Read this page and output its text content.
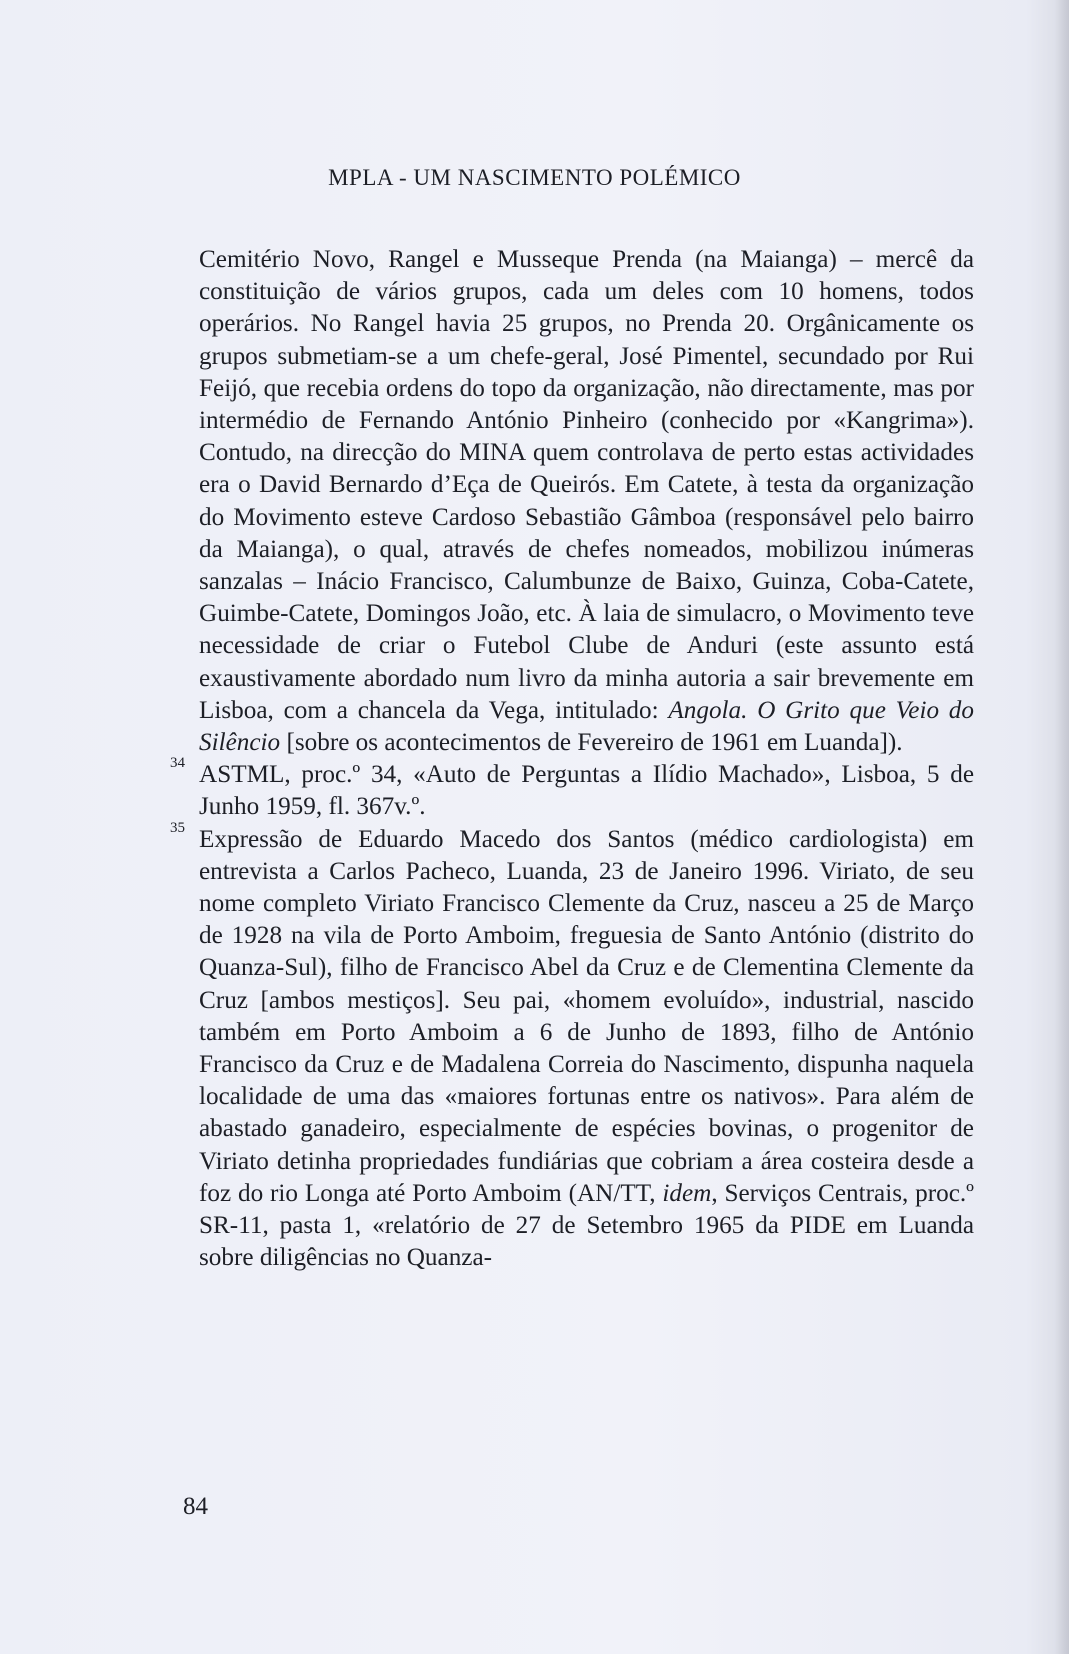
MPLA - UM NASCIMENTO POLÉMICO

Cemitério Novo, Rangel e Musseque Prenda (na Maianga) – mercê da constituição de vários grupos, cada um deles com 10 homens, todos operários. No Rangel havia 25 grupos, no Prenda 20. Orgânicamente os grupos submetiam-se a um chefe-geral, José Pimentel, secundado por Rui Feijó, que recebia ordens do topo da organização, não directamente, mas por intermédio de Fernando António Pinheiro (conhecido por «Kangrima»). Contudo, na direcção do MINA quem controlava de perto estas actividades era o David Bernardo d’Eça de Queirós. Em Catete, à testa da organização do Movimento esteve Cardoso Sebastião Gâmboa (responsável pelo bairro da Maianga), o qual, através de chefes nomeados, mobilizou inúmeras sanzalas – Inácio Francisco, Calumbunze de Baixo, Guinza, Coba-Catete, Guimbe-Catete, Domingos João, etc. À laia de simulacro, o Movimento teve necessidade de criar o Futebol Clube de Anduri (este assunto está exaustivamente abordado num livro da minha autoria a sair brevemente em Lisboa, com a chancela da Vega, intitulado: Angola. O Grito que Veio do Silêncio [sobre os acontecimentos de Fevereiro de 1961 em Luanda]).

34 ASTML, proc.º 34, «Auto de Perguntas a Ilídio Machado», Lisboa, 5 de Junho 1959, fl. 367v.º.

35 Expressão de Eduardo Macedo dos Santos (médico cardiologista) em entrevista a Carlos Pacheco, Luanda, 23 de Janeiro 1996. Viriato, de seu nome completo Viriato Francisco Clemente da Cruz, nasceu a 25 de Março de 1928 na vila de Porto Amboim, freguesia de Santo António (distrito do Quanza-Sul), filho de Francisco Abel da Cruz e de Clementina Clemente da Cruz [ambos mestiços]. Seu pai, «homem evoluído», industrial, nascido também em Porto Amboim a 6 de Junho de 1893, filho de António Francisco da Cruz e de Madalena Correia do Nascimento, dispunha naquela localidade de uma das «maiores fortunas entre os nativos». Para além de abastado ganadeiro, especialmente de espécies bovinas, o progenitor de Viriato detinha propriedades fundiárias que cobriam a área costeira desde a foz do rio Longa até Porto Amboim (AN/TT, idem, Serviços Centrais, proc.º SR-11, pasta 1, «relatório de 27 de Setembro 1965 da PIDE em Luanda sobre diligências no Quanza-

84
